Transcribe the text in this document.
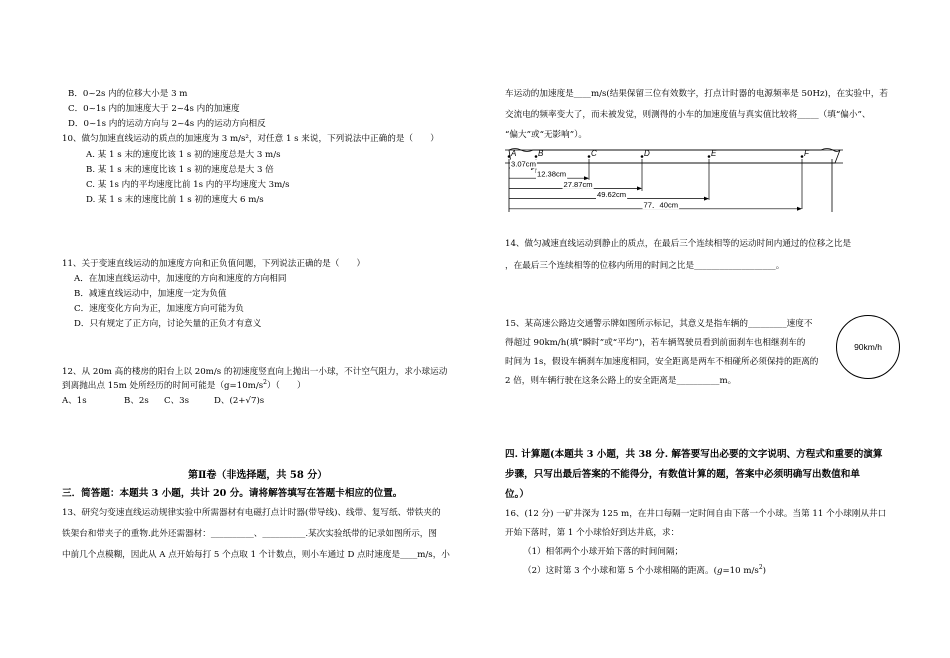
B．0~2s 内的位移大小是 3 m
C．0~1s 内的加速度大于 2~4s 内的加速度
D．0~1s 内的运动方向与 2~4s 内的运动方向相反
10、做匀加速直线运动的质点的加速度为 3 m/s²，对任意 1 s 来说，下列说法中正确的是（　　）
A. 某 1 s 末的速度比该 1 s 初的速度总是大 3 m/s
B. 某 1 s 末的速度比该 1 s 初的速度总是大 3 倍
C. 某 1s 内的平均速度比前 1s 内的平均速度大 3m/s
D. 某 1 s 末的速度比前 1 s 初的速度大 6 m/s
11、关于变速直线运动的加速度方向和正负值问题，下列说法正确的是（　　）
A．在加速直线运动中，加速度的方向和速度的方向相同
B．减速直线运动中，加速度一定为负值
C．速度变化方向为正，加速度方向可能为负
D．只有规定了正方向，讨论矢量的正负才有意义
12、从 20m 高的楼房的阳台上以 20m/s 的初速度竖直向上抛出一小球，不计空气阻力，求小球运动
到离抛出点 15m 处所经历的时间可能是$(g=10m/s^2)$（　　）
A、1s	B、2s C、3s	D、(2+√7)s
第Ⅱ卷（非选择题，共 58 分）
三．简答题：本题共 3 小题，共计 20 分。请将解答填写在答题卡相应的位置。
13、研究匀变速直线运动规律实验中所需器材有电磁打点计时器(带导线)、线带、复写纸、带铁夹的
铁架台和带夹子的重物.此外还需器材：__________、__________.某次实验纸带的记录如图所示，图
中前几个点模糊，因此从 A 点开始每打 5 个点取 1 个计数点，则小车通过 D 点时速度是____m/s，小
车运动的加速度是____m/s(结果保留三位有效数字，打点计时器的电源频率是 50Hz)，在实验中，若
交流电的频率变大了，而未被发觉，则测得的小车的加速度值与真实值比较将_____（填“偏小”、
“偏大”或“无影响”）。
A	B	C	D	E	F
3.07cm
12.38cm
27.87cm
49.62cm
77．40cm
14、做匀减速直线运动到静止的质点，在最后三个连续相等的运动时间内通过的位移之比是
，在最后三个连续相等的位移内所用的时间之比是___________________。
15、某高速公路边交通警示牌如图所示标记，其意义是指车辆的_________速度不
得超过 90km/h(填“瞬时”或“平均”)，若车辆驾驶员看到前面刹车也相继刹车的
时间为 1s，假设车辆刹车加速度相同，安全距离是两车不相碰所必须保持的距离的
2 倍，则车辆行驶在这条公路上的安全距离是__________m。
90km/h
四. 计算题(本题共 3 小题，共 38 分. 解答要写出必要的文字说明、方程式和重要的演算
步骤，只写出最后答案的不能得分，有数值计算的题，答案中必须明确写出数值和单
位。）
16、(12 分) 一矿井深为 125 m，在井口每隔一定时间自由下落一个小球。当第 11 个小球刚从井口
开始下落时，第 1 个小球恰好到达井底，求：
（1）相邻两个小球开始下落的时间间隔；
（2）这时第 3 个小球和第 5 个小球相隔的距离。(g=10 $m/s^2$)
